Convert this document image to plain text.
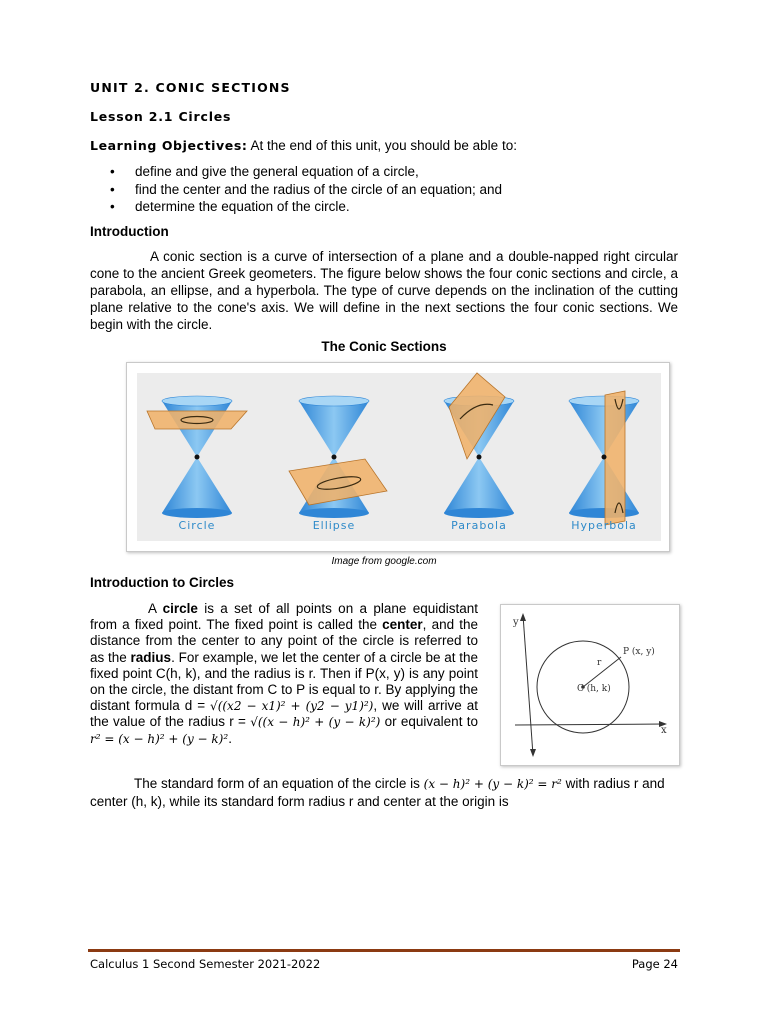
UNIT 2. CONIC SECTIONS
Lesson 2.1 Circles
Learning Objectives: At the end of this unit, you should be able to:
• define and give the general equation of a circle,
• find the center and the radius of the circle of an equation; and
• determine the equation of the circle.
Introduction
A conic section is a curve of intersection of a plane and a double-napped right circular cone to the ancient Greek geometers. The figure below shows the four conic sections and circle, a parabola, an ellipse, and a hyperbola. The type of curve depends on the inclination of the cutting plane relative to the cone's axis. We will define in the next sections the four conic sections. We begin with the circle.
The Conic Sections
Circle	Ellipse	Parabola	Hyperbola
Image from google.com
Introduction to Circles
A circle is a set of all points on a plane equidistant from a fixed point. The fixed point is called the center, and the distance from the center to any point of the circle is referred to as the radius. For example, we let the center of a circle be at the fixed point C(h, k), and the radius is r. Then if P(x, y) is any point on the circle, the distant from C to P is equal to r. By applying the distant formula d = √((x2 − x1)² + (y2 − y1)²), we will arrive at the value of the radius r = √((x − h)² + (y − k)²) or equivalent to r² = (x − h)² + (y − k)².
y
x
r
P (x, y)
C (h, k)
The standard form of an equation of the circle is (x − h)² + (y − k)² = r² with radius r and center (h, k), while its standard form radius r and center at the origin is
Calculus 1 Second Semester 2021-2022	Page 24
